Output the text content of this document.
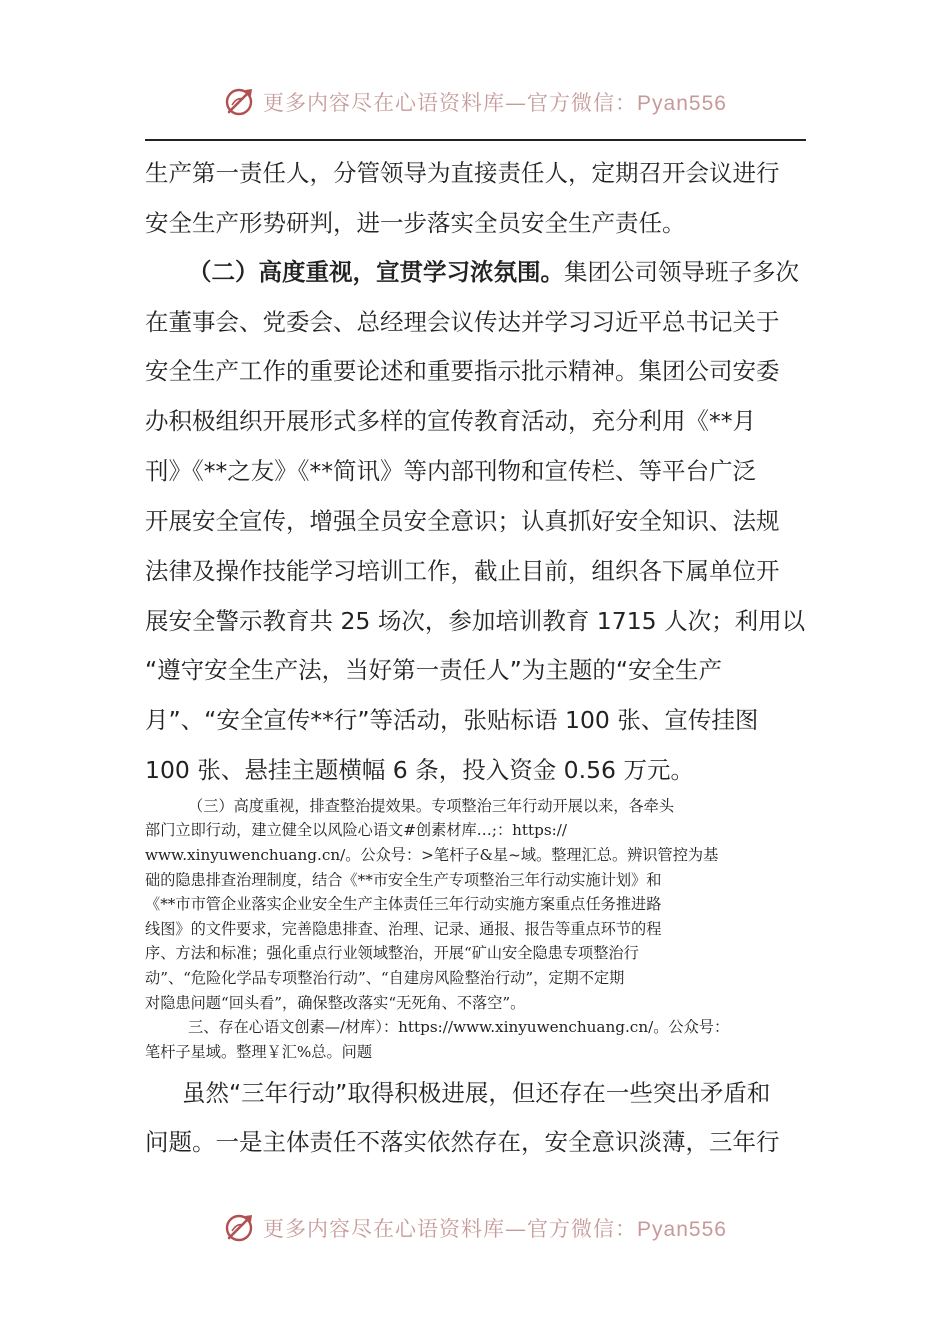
更多内容尽在心语资料库—官方微信：Pyan556

生产第一责任人，分管领导为直接责任人，定期召开会议进行

安全生产形势研判，进一步落实全员安全生产责任。

（二）高度重视，宣贯学习浓氛围。集团公司领导班子多次

在董事会、党委会、总经理会议传达并学习习近平总书记关于

安全生产工作的重要论述和重要指示批示精神。集团公司安委

办积极组织开展形式多样的宣传教育活动，充分利用《**月

刊》《**之友》《**简讯》等内部刊物和宣传栏、等平台广泛

开展安全宣传，增强全员安全意识；认真抓好安全知识、法规

法律及操作技能学习培训工作，截止目前，组织各下属单位开

展安全警示教育共 25 场次，参加培训教育 1715 人次；利用以

“遵守安全生产法，当好第一责任人”为主题的“安全生产

月”、“安全宣传**行”等活动，张贴标语 100 张、宣传挂图

100 张、悬挂主题横幅 6 条，投入资金 0.56 万元。

（三）高度重视，排查整治提效果。专项整治三年行动开展以来，各牵头

部门立即行动，建立健全以风险心语文#创素材库…;：https://

www.xinyuwenchuang.cn/。公众号：>笔杆子&星~域。整理汇总。辨识管控为基

础的隐患排查治理制度，结合《**市安全生产专项整治三年行动实施计划》和

《**市市管企业落实企业安全生产主体责任三年行动实施方案重点任务推进路

线图》的文件要求，完善隐患排查、治理、记录、通报、报告等重点环节的程

序、方法和标准；强化重点行业领域整治，开展“矿山安全隐患专项整治行

动”、“危险化学品专项整治行动”、“自建房风险整治行动”，定期不定期

对隐患问题“回头看”，确保整改落实“无死角、不落空”。

三、存在心语文创素—/材库）：https://www.xinyuwenchuang.cn/。公众号：

笔杆子星域。整理￥汇%总。问题

虽然“三年行动”取得积极进展，但还存在一些突出矛盾和

问题。一是主体责任不落实依然存在，安全意识淡薄，三年行

更多内容尽在心语资料库—官方微信：Pyan556
